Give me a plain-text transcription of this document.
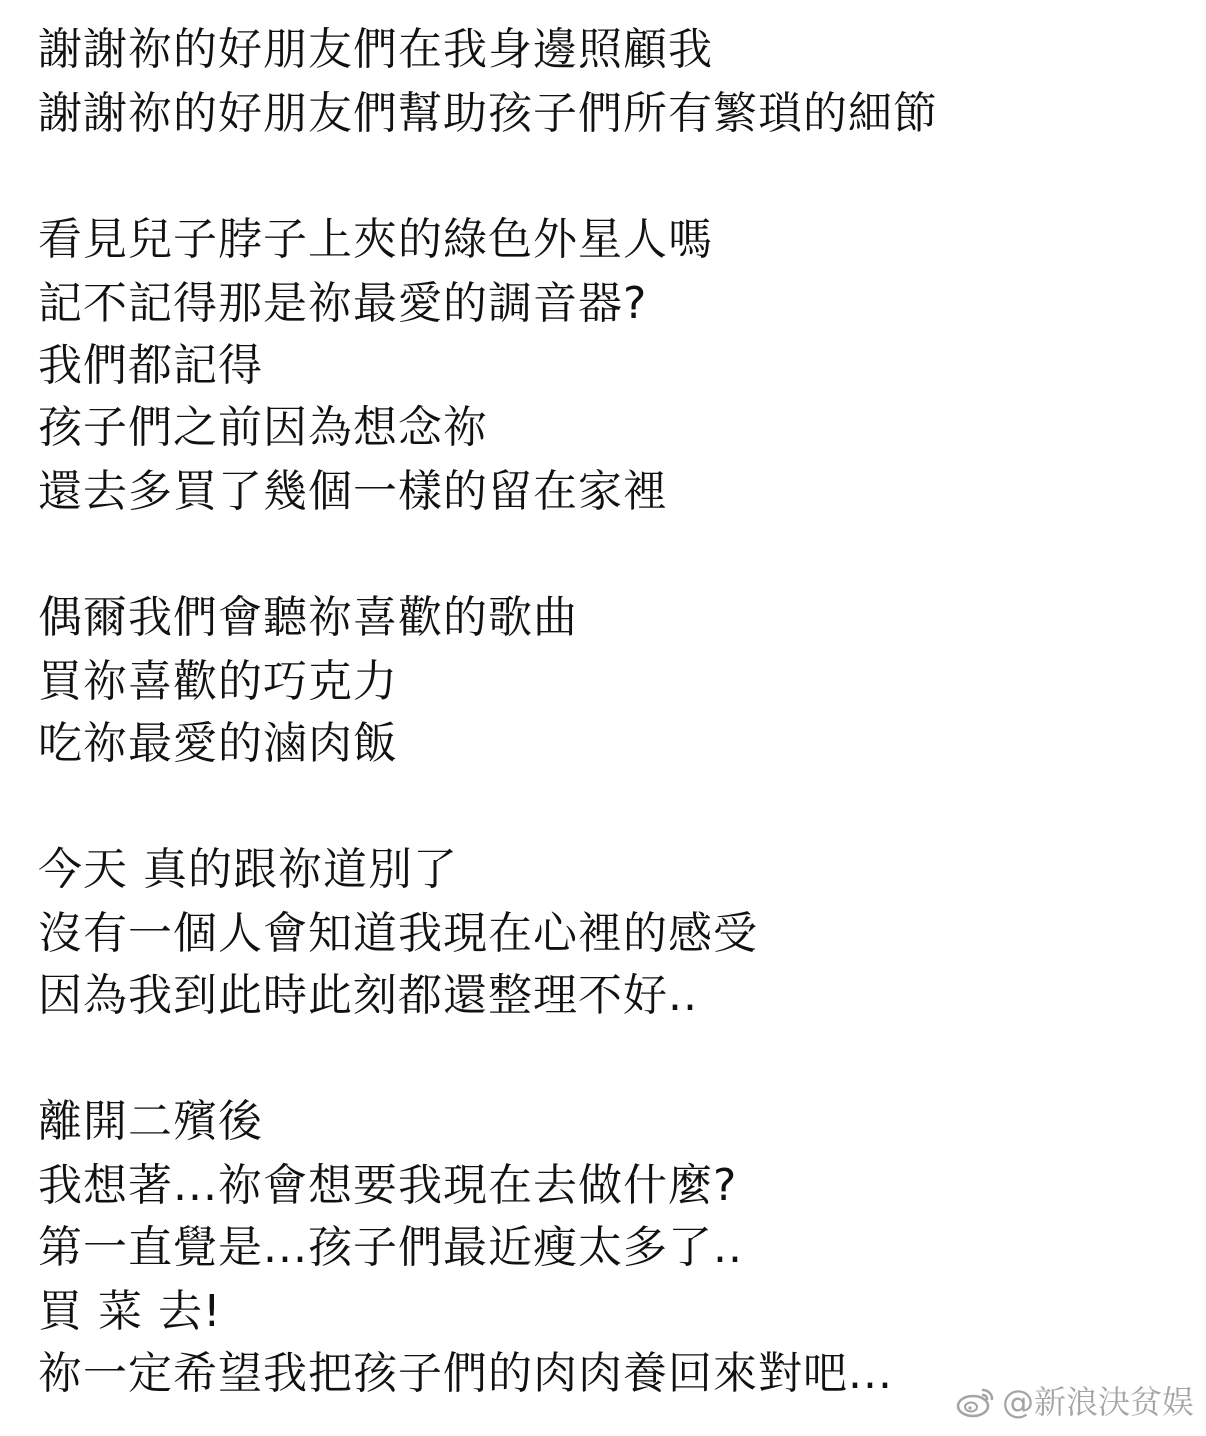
謝謝祢的好朋友們在我身邊照顧我
謝謝祢的好朋友們幫助孩子們所有繁瑣的細節
看見兒子脖子上夾的綠色外星人嗎
記不記得那是祢最愛的調音器?
我們都記得
孩子們之前因為想念祢
還去多買了幾個一樣的留在家裡
偶爾我們會聽祢喜歡的歌曲
買祢喜歡的巧克力
吃祢最愛的滷肉飯
今天 真的跟祢道別了
沒有一個人會知道我現在心裡的感受
因為我到此時此刻都還整理不好..
離開二殯後
我想著...祢會想要我現在去做什麼?
第一直覺是...孩子們最近瘦太多了..
買 菜 去!
祢一定希望我把孩子們的肉肉養回來對吧...
@新浪決贫娱
